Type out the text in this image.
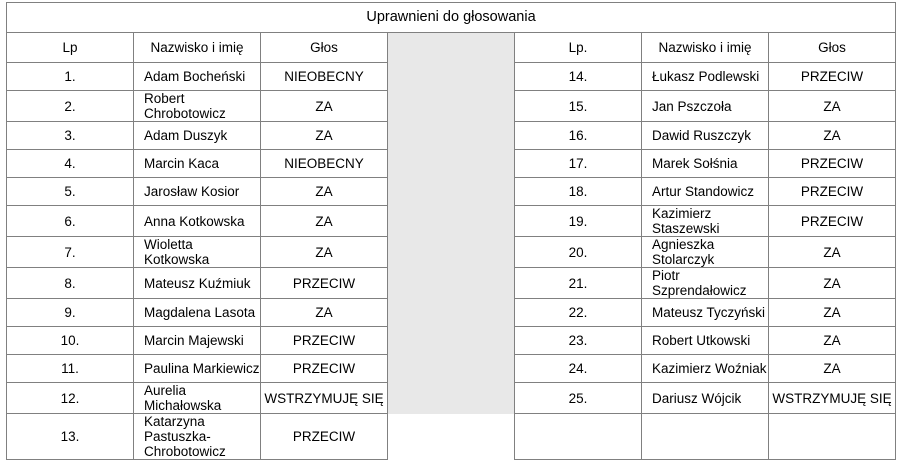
Uprawnieni do głosowania						
Lp	Nazwisko i imię	Głos		Lp.	Nazwisko i imię	Głos
1.	Adam Bocheński	NIEOBECNY		14.	Łukasz Podlewski	PRZECIW
2.	Robert Chrobotowicz	ZA		15.	Jan Pszczoła	ZA
3.	Adam Duszyk	ZA		16.	Dawid Ruszczyk	ZA
4.	Marcin Kaca	NIEOBECNY		17.	Marek Sołśnia	PRZECIW
5.	Jarosław Kosior	ZA		18.	Artur Standowicz	PRZECIW
6.	Anna Kotkowska	ZA		19.	Kazimierz Staszewski	PRZECIW
7.	Wioletta Kotkowska	ZA		20.	Agnieszka Stolarczyk	ZA
8.	Mateusz Kuźmiuk	PRZECIW		21.	Piotr Szprendałowicz	ZA
9.	Magdalena Lasota	ZA		22.	Mateusz Tyczyński	ZA
10.	Marcin Majewski	PRZECIW		23.	Robert Utkowski	ZA
11.	Paulina Markiewicz	PRZECIW		24.	Kazimierz Woźniak	ZA
12.	Aurelia Michałowska	WSTRZYMUJĘ SIĘ		25.	Dariusz Wójcik	WSTRZYMUJĘ SIĘ
13.	Katarzyna Pastuszka-Chrobotowicz	PRZECIW				
